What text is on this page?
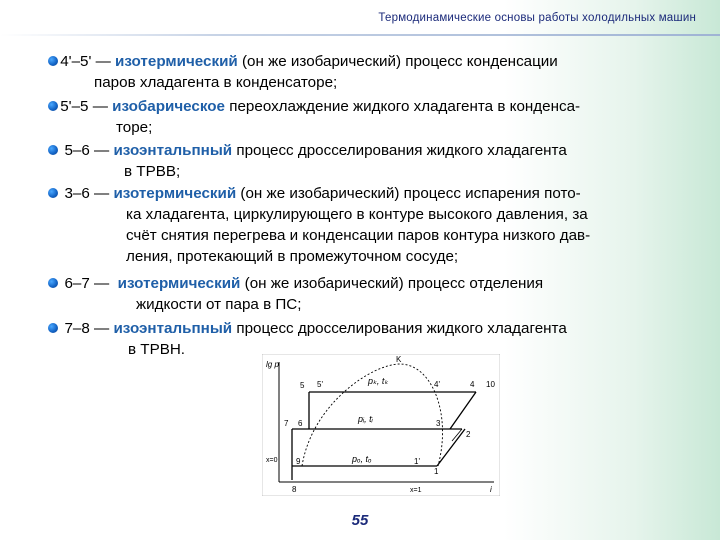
Термодинамические основы работы холодильных машин
4'–5' — изотермический (он же изобарический) процесс конденсации
паров хладагента в конденсаторе;
5'–5 — изобарическое переохлаждение жидкого хладагента в конденса-
торе;
5–6 — изоэнтальпный процесс дросселирования жидкого хладагента
в ТРВВ;
3–6 — изотермический (он же изобарический) процесс испарения пото-
ка хладагента, циркулирующего в контуре высокого давления, за
счёт снятия перегрева и конденсации паров контура низкого дав-
ления, протекающий в промежуточном сосуде;
6–7 — изотермический (он же изобарический) процесс отделения
жидкости от пара в ПС;
7–8 — изоэнтальпный процесс дросселирования жидкого хладагента
в ТРВН.
lg p
i
K
5 5'	4'	4 10
7 6	3
2
9	1'
1
8
x=0
x=1
pₖ, tₖ
pᵢ, tᵢ
pₒ, tₒ
55
